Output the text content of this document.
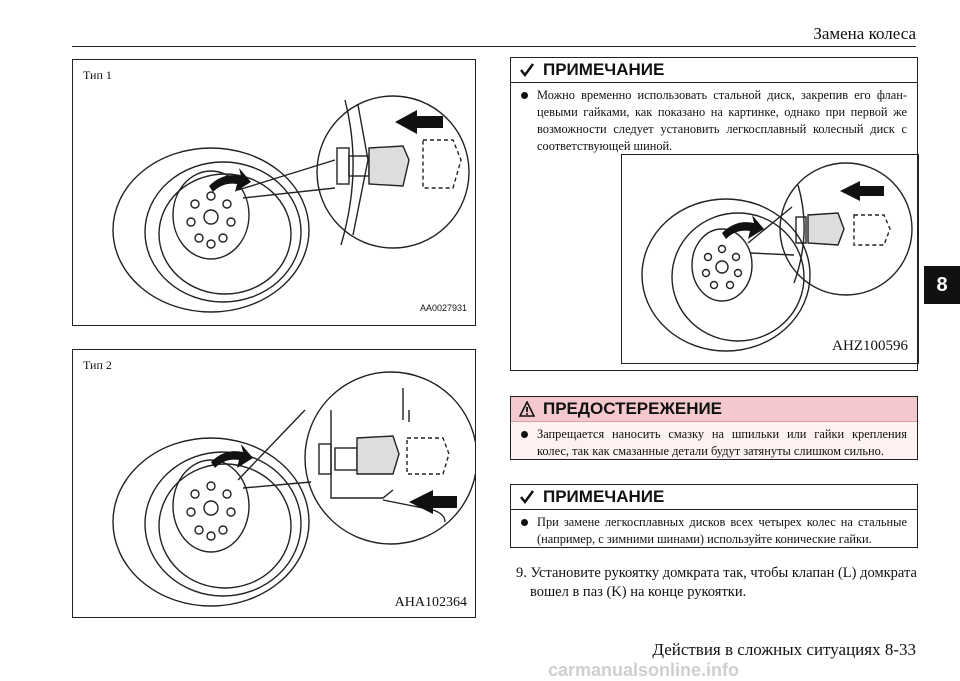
Замена колеса
8
Тип 1
AA0027931
Тип 2
AHA102364
ПРИМЕЧАНИЕ
Можно временно использовать стальной диск, закрепив его флан-цевыми гайками, как показано на картинке, однако при первой же возможности следует установить легкосплавный колесный диск с соответствующей шиной.
AHZ100596
ПРЕДОСТЕРЕЖЕНИЕ
Запрещается наносить смазку на шпильки или гайки крепления колес, так как смазанные детали будут затянуты слишком сильно.
ПРИМЕЧАНИЕ
При замене легкосплавных дисков всех четырех колес на стальные (например, с зимними шинами) используйте конические гайки.
9. Установите рукоятку домкрата так, чтобы клапан (L) домкрата
вошел в паз (K) на конце рукоятки.
Действия в сложных ситуациях 8-33
carmanualsonline.info
